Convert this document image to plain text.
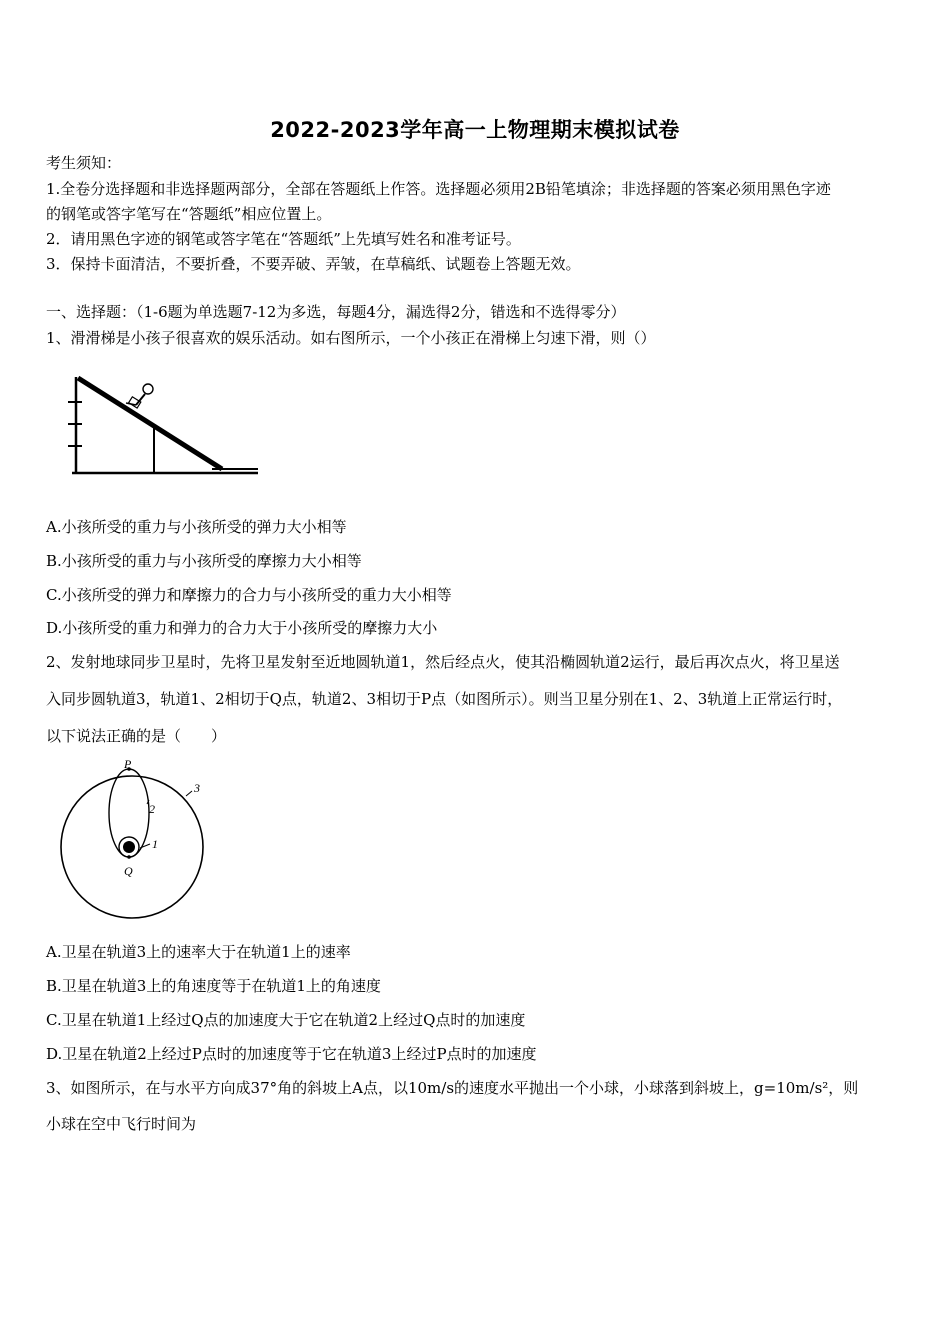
2022-2023学年高一上物理期末模拟试卷
考生须知：
1.全卷分选择题和非选择题两部分，全部在答题纸上作答。选择题必须用2B铅笔填涂；非选择题的答案必须用黑色字迹
的钢笔或答字笔写在“答题纸”相应位置上。
2．请用黑色字迹的钢笔或答字笔在“答题纸”上先填写姓名和准考证号。
3．保持卡面清洁，不要折叠，不要弄破、弄皱，在草稿纸、试题卷上答题无效。
一、选择题：（1-6题为单选题7-12为多选，每题4分，漏选得2分，错选和不选得零分）
1、滑滑梯是小孩子很喜欢的娱乐活动。如右图所示，一个小孩正在滑梯上匀速下滑，则（）
A.小孩所受的重力与小孩所受的弹力大小相等
B.小孩所受的重力与小孩所受的摩擦力大小相等
C.小孩所受的弹力和摩擦力的合力与小孩所受的重力大小相等
D.小孩所受的重力和弹力的合力大于小孩所受的摩擦力大小
2、发射地球同步卫星时，先将卫星发射至近地圆轨道1，然后经点火，使其沿椭圆轨道2运行，最后再次点火，将卫星送
入同步圆轨道3，轨道1、2相切于Q点，轨道2、3相切于P点（如图所示）。则当卫星分别在1、2、3轨道上正常运行时，
以下说法正确的是（　　）
P
Q
1
2
3
A.卫星在轨道3上的速率大于在轨道1上的速率
B.卫星在轨道3上的角速度等于在轨道1上的角速度
C.卫星在轨道1上经过Q点的加速度大于它在轨道2上经过Q点时的加速度
D.卫星在轨道2上经过P点时的加速度等于它在轨道3上经过P点时的加速度
3、如图所示，在与水平方向成37°角的斜坡上A点，以10m/s的速度水平抛出一个小球，小球落到斜坡上，g=10m/s²，则
小球在空中飞行时间为
